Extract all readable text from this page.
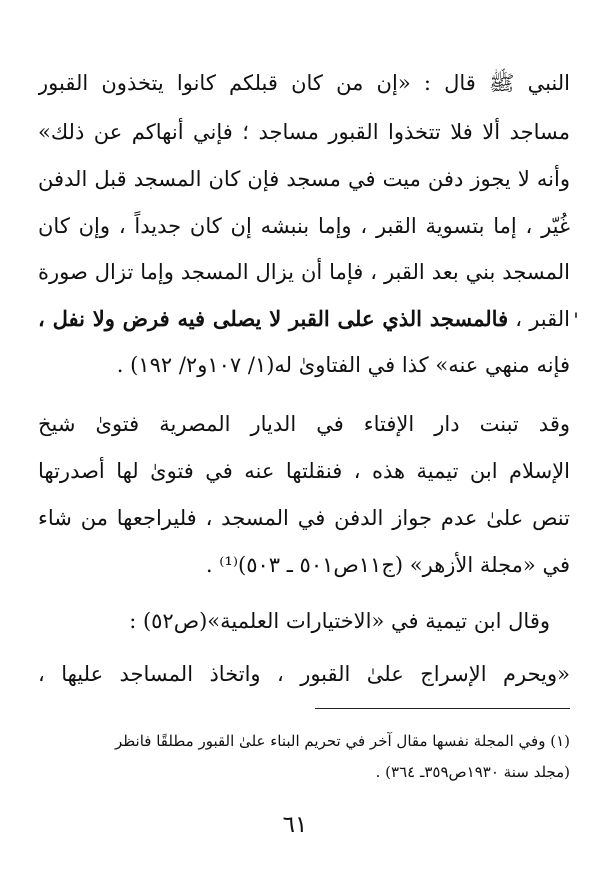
النبي ﷺ قال : «إن من كان قبلكم كانوا يتخذون القبور
مساجد ألا فلا تتخذوا القبور مساجد ؛ فإني أنهاكم عن ذلك»
وأنه لا يجوز دفن ميت في مسجد فإن كان المسجد قبل الدفن
غُيّر ، إما بتسوية القبر ، وإما بنبشه إن كان جديداً ، وإن كان
المسجد بني بعد القبر ، فإما أن يزال المسجد وإما تزال صورة
القبر ، فالمسجد الذي على القبر لا يصلى فيه فرض ولا نفل ،
فإنه منهي عنه» كذا في الفتاوىٰ له(١/ ١٠٧و٢/ ١٩٢) .
وقد تبنت دار الإفتاء في الديار المصرية فتوىٰ شيخ
الإسلام ابن تيمية هذه ، فنقلتها عنه في فتوىٰ لها أصدرتها
تنص علىٰ عدم جواز الدفن في المسجد ، فليراجعها من شاء
في «مجلة الأزهر» (ج١١ص٥٠١ ـ ٥٠٣)⁽¹⁾ .
وقال ابن تيمية في «الاختيارات العلمية»(ص٥٢) :
«ويحرم الإسراج علىٰ القبور ، واتخاذ المساجد عليها ،
'
(١) وفي المجلة نفسها مقال آخر في تحريم البناء علىٰ القبور مطلقًا فانظر
(مجلد سنة ١٩٣٠ص٣٥٩ـ ٣٦٤) .
٦١
